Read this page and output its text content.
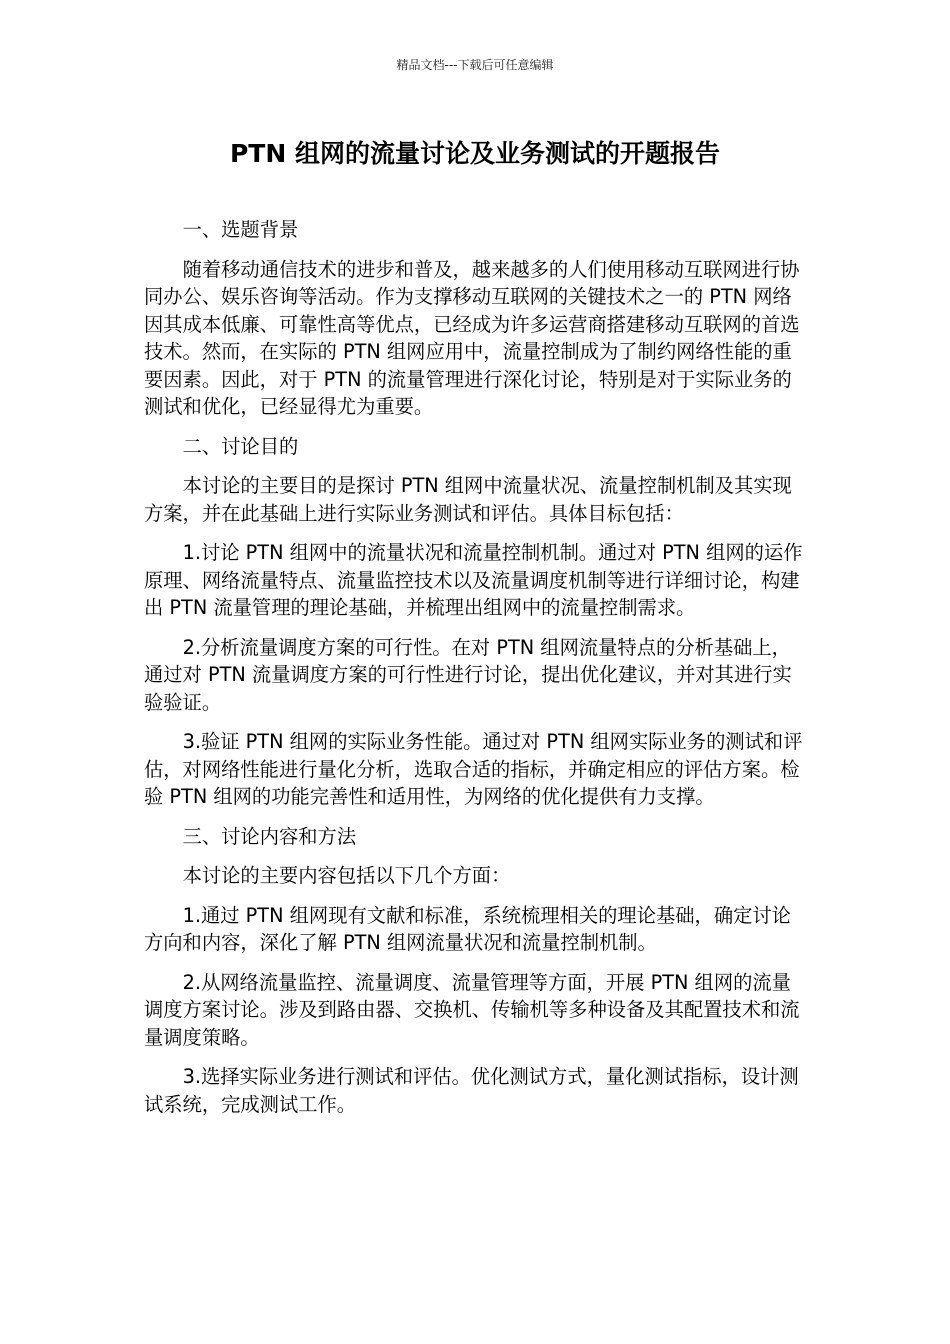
精品文档---下载后可任意编辑
PTN 组网的流量讨论及业务测试的开题报告

一、选题背景

随着移动通信技术的进步和普及，越来越多的人们使用移动互联网进行协同办公、娱乐咨询等活动。作为支撑移动互联网的关键技术之一的 PTN 网络因其成本低廉、可靠性高等优点，已经成为许多运营商搭建移动互联网的首选技术。然而，在实际的 PTN 组网应用中，流量控制成为了制约网络性能的重要因素。因此，对于 PTN 的流量管理进行深化讨论，特别是对于实际业务的测试和优化，已经显得尤为重要。

二、讨论目的

本讨论的主要目的是探讨 PTN 组网中流量状况、流量控制机制及其实现方案，并在此基础上进行实际业务测试和评估。具体目标包括：

1.讨论 PTN 组网中的流量状况和流量控制机制。通过对 PTN 组网的运作原理、网络流量特点、流量监控技术以及流量调度机制等进行详细讨论，构建出 PTN 流量管理的理论基础，并梳理出组网中的流量控制需求。

2.分析流量调度方案的可行性。在对 PTN 组网流量特点的分析基础上，通过对 PTN 流量调度方案的可行性进行讨论，提出优化建议，并对其进行实验验证。

3.验证 PTN 组网的实际业务性能。通过对 PTN 组网实际业务的测试和评估，对网络性能进行量化分析，选取合适的指标，并确定相应的评估方案。检验 PTN 组网的功能完善性和适用性，为网络的优化提供有力支撑。

三、讨论内容和方法

本讨论的主要内容包括以下几个方面：

1.通过 PTN 组网现有文献和标准，系统梳理相关的理论基础，确定讨论方向和内容，深化了解 PTN 组网流量状况和流量控制机制。

2.从网络流量监控、流量调度、流量管理等方面，开展 PTN 组网的流量调度方案讨论。涉及到路由器、交换机、传输机等多种设备及其配置技术和流量调度策略。

3.选择实际业务进行测试和评估。优化测试方式，量化测试指标，设计测试系统，完成测试工作。
